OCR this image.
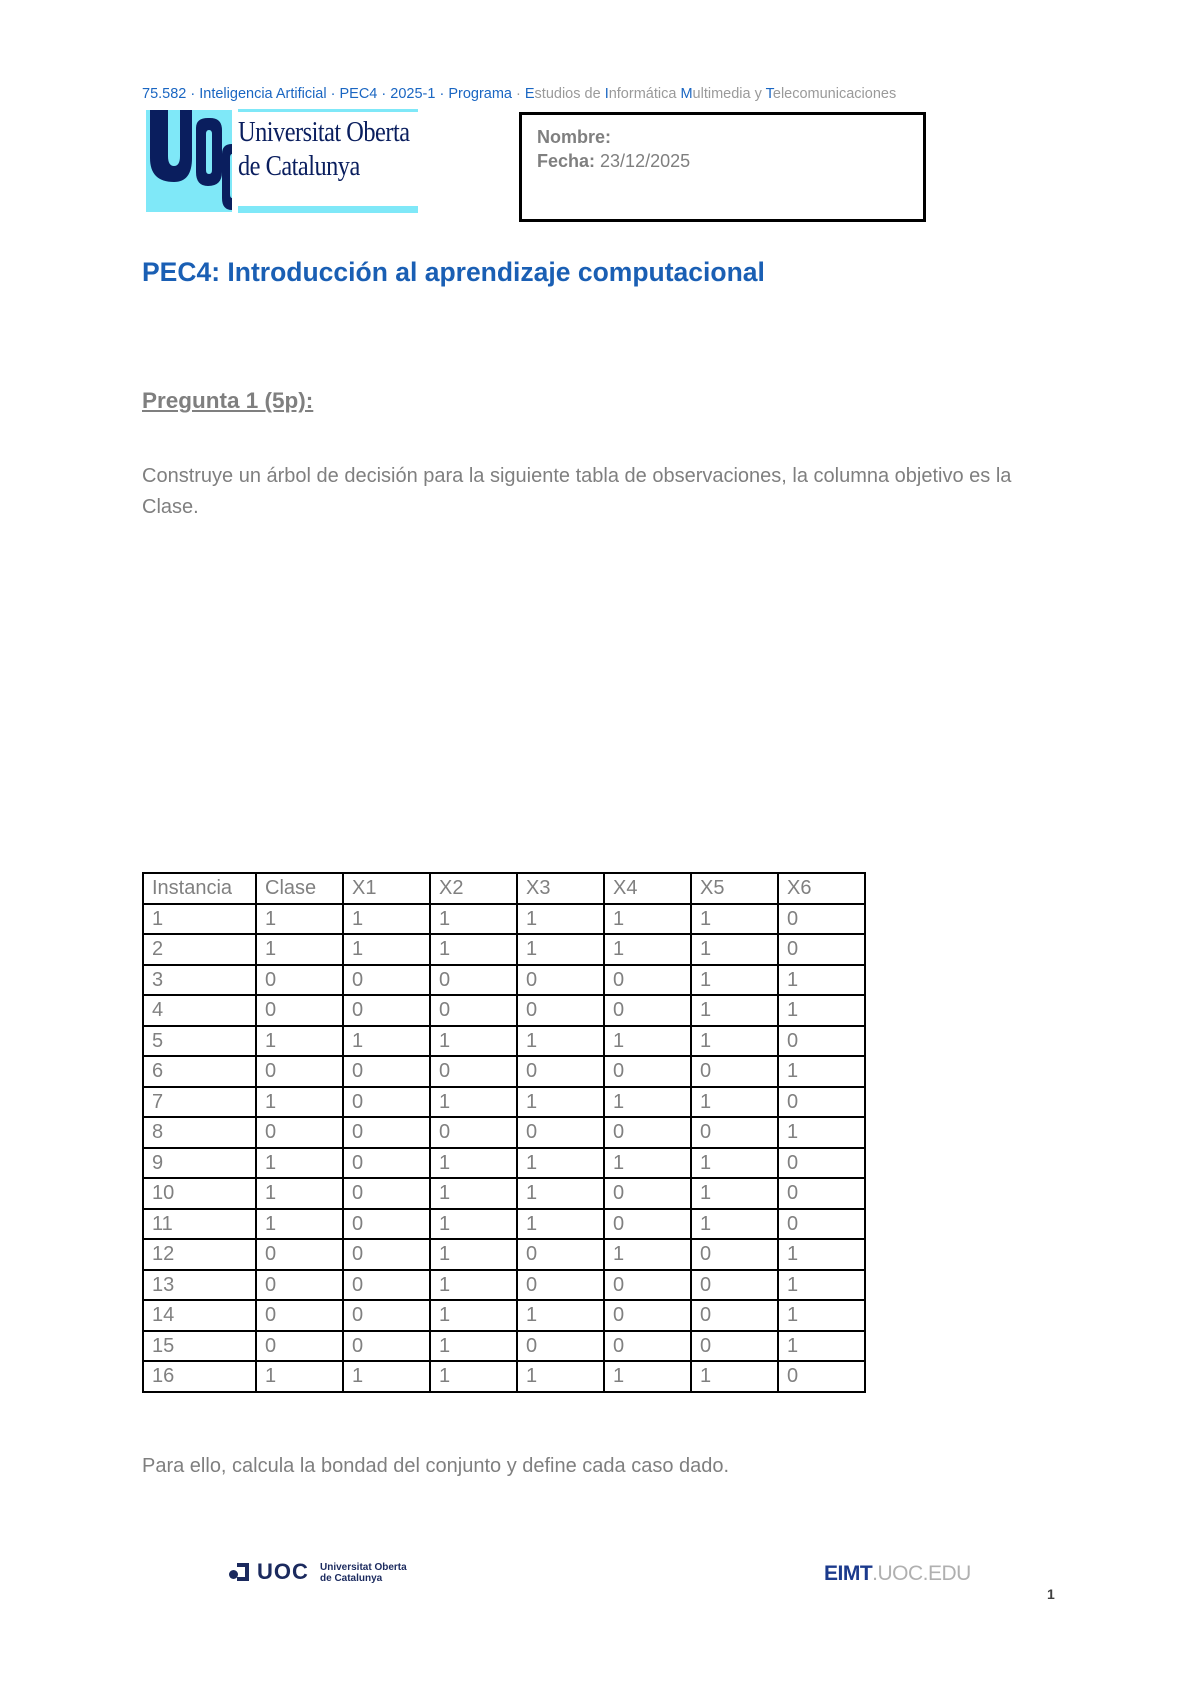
75.582 · Inteligencia Artificial · PEC4 · 2025-1 · Programa · Estudios de Informática Multimedia y Telecomunicaciones
Universitat Oberta
de Catalunya
Nombre:
Fecha: 23/12/2025
PEC4: Introducción al aprendizaje computacional
Pregunta 1 (5p):
Construye un árbol de decisión para la siguiente tabla de observaciones, la columna objetivo es la Clase.
Instancia	Clase	X1	X2	X3	X4	X5	X6
1	1	1	1	1	1	1	0
2	1	1	1	1	1	1	0
3	0	0	0	0	0	1	1
4	0	0	0	0	0	1	1
5	1	1	1	1	1	1	0
6	0	0	0	0	0	0	1
7	1	0	1	1	1	1	0
8	0	0	0	0	0	0	1
9	1	0	1	1	1	1	0
10	1	0	1	1	0	1	0
11	1	0	1	1	0	1	0
12	0	0	1	0	1	0	1
13	0	0	1	0	0	0	1
14	0	0	1	1	0	0	1
15	0	0	1	0	0	0	1
16	1	1	1	1	1	1	0
Para ello, calcula la bondad del conjunto y define cada caso dado.
UOC Universitat Oberta
de Catalunya	EIMT.UOC.EDU
1
